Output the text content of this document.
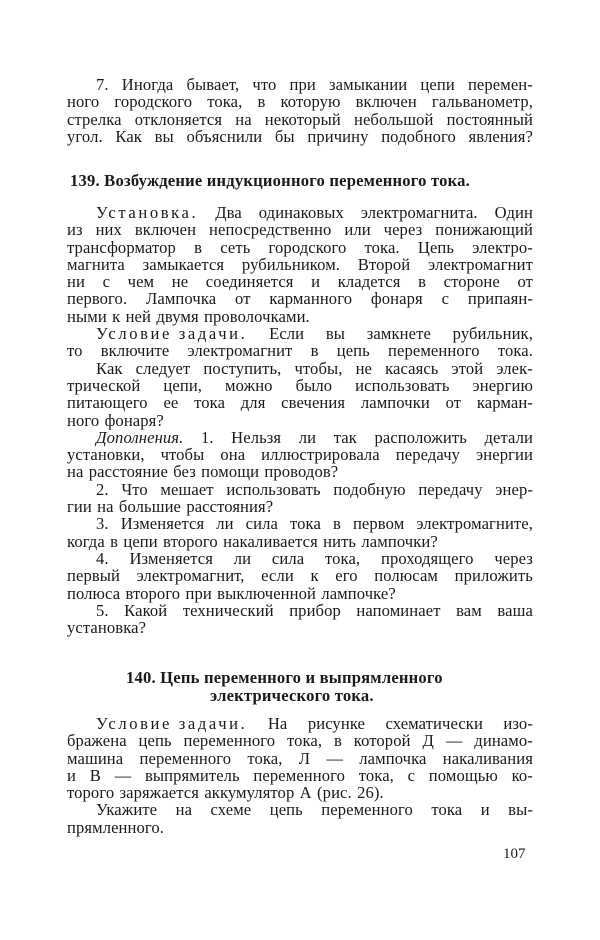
7. Иногда бывает, что при замыкании цепи перемен-
ного городского тока, в которую включен гальванометр,
стрелка отклоняется на некоторый небольшой постоянный
угол. Как вы объяснили бы причину подобного явления?
139. Возбуждение индукционного переменного тока.
Установка. Два одинаковых электромагнита. Один
из них включен непосредственно или через понижающий
трансформатор в сеть городского тока. Цепь электро-
магнита замыкается рубильником. Второй электромагнит
ни с чем не соединяется и кладется в стороне от
первого. Лампочка от карманного фонаря с припаян-
ными к ней двумя проволочками.
Условие задачи. Если вы замкнете рубильник,
то включите электромагнит в цепь переменного тока.
Как следует поступить, чтобы, не касаясь этой элек-
трической цепи, можно было использовать энергию
питающего ее тока для свечения лампочки от карман-
ного фонаря?
Дополнения. 1. Нельзя ли так расположить детали
установки, чтобы она иллюстрировала передачу энергии
на расстояние без помощи проводов?
2. Что мешает использовать подобную передачу энер-
гии на большие расстояния?
3. Изменяется ли сила тока в первом электромагните,
когда в цепи второго накаливается нить лампочки?
4. Изменяется ли сила тока, проходящего через
первый электромагнит, если к его полюсам приложить
полюса второго при выключенной лампочке?
5. Какой технический прибор напоминает вам ваша
установка?
140. Цепь переменного и выпрямленного
электрического тока.
Условие задачи. На рисунке схематически изо-
бражена цепь переменного тока, в которой Д — динамо-
машина переменного тока, Л — лампочка накаливания
и В — выпрямитель переменного тока, с помощью ко-
торого заряжается аккумулятор А (рис. 26).
Укажите на схеме цепь переменного тока и вы-
прямленного.
107
